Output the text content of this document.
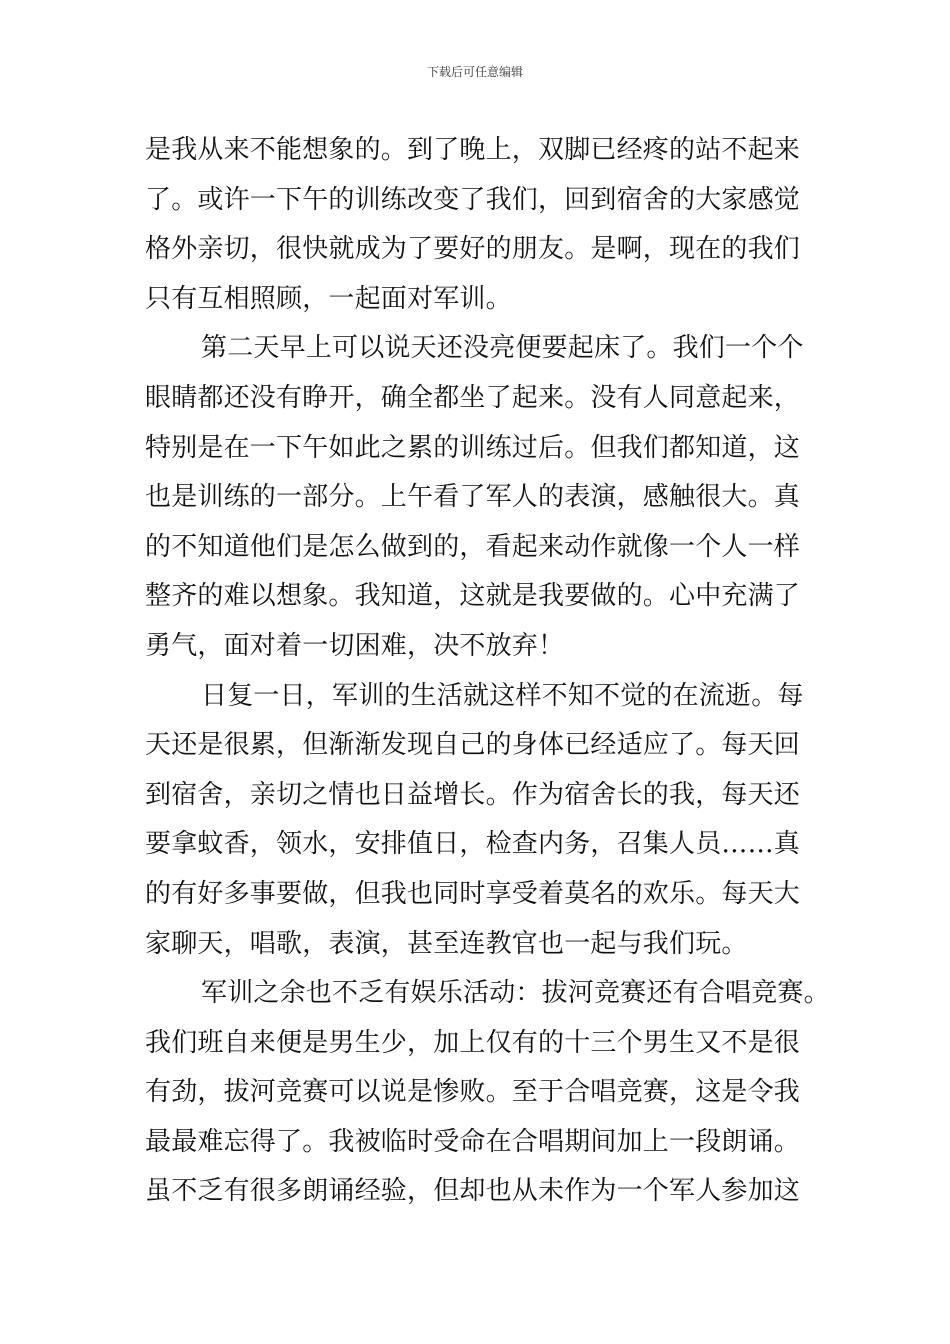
下载后可任意编辑
是我从来不能想象的。到了晚上，双脚已经疼的站不起来
了。或许一下午的训练改变了我们，回到宿舍的大家感觉
格外亲切，很快就成为了要好的朋友。是啊，现在的我们
只有互相照顾，一起面对军训。
第二天早上可以说天还没亮便要起床了。我们一个个
眼睛都还没有睁开，确全都坐了起来。没有人同意起来，
特别是在一下午如此之累的训练过后。但我们都知道，这
也是训练的一部分。上午看了军人的表演，感触很大。真
的不知道他们是怎么做到的，看起来动作就像一个人一样
整齐的难以想象。我知道，这就是我要做的。心中充满了
勇气，面对着一切困难，决不放弃！
日复一日，军训的生活就这样不知不觉的在流逝。每
天还是很累，但渐渐发现自己的身体已经适应了。每天回
到宿舍，亲切之情也日益增长。作为宿舍长的我，每天还
要拿蚊香，领水，安排值日，检查内务，召集人员……真
的有好多事要做，但我也同时享受着莫名的欢乐。每天大
家聊天，唱歌，表演，甚至连教官也一起与我们玩。
军训之余也不乏有娱乐活动：拔河竞赛还有合唱竞赛。
我们班自来便是男生少，加上仅有的十三个男生又不是很
有劲，拔河竞赛可以说是惨败。至于合唱竞赛，这是令我
最最难忘得了。我被临时受命在合唱期间加上一段朗诵。
虽不乏有很多朗诵经验，但却也从未作为一个军人参加这
